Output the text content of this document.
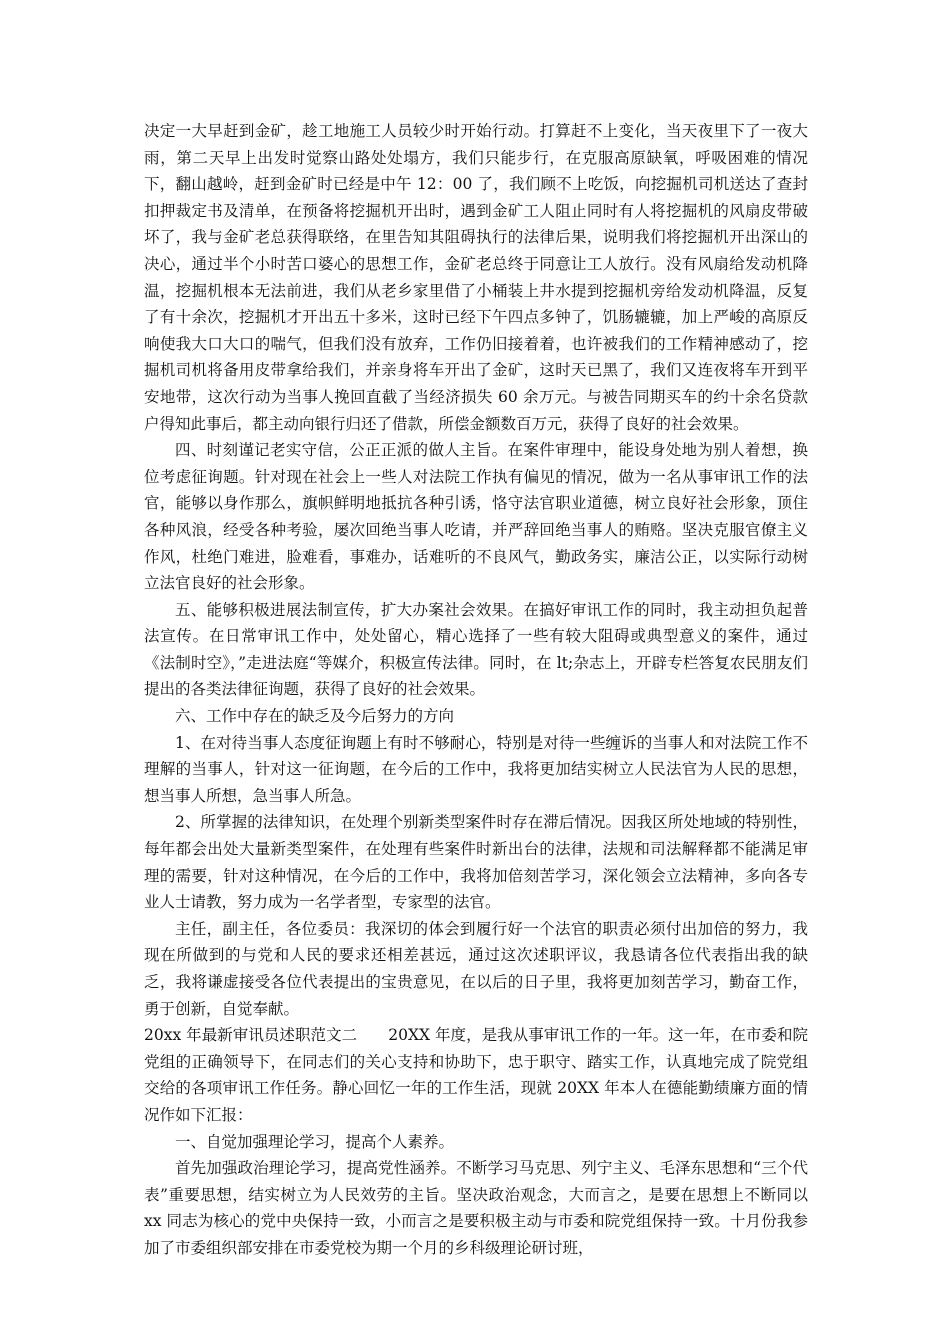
决定一大早赶到金矿，趁工地施工人员较少时开始行动。打算赶不上变化，当天夜里下了一夜大雨，第二天早上出发时觉察山路处处塌方，我们只能步行，在克服高原缺氧，呼吸困难的情况下，翻山越岭，赶到金矿时已经是中午 12：00 了，我们顾不上吃饭，向挖掘机司机送达了查封扣押裁定书及清单，在预备将挖掘机开出时，遇到金矿工人阻止同时有人将挖掘机的风扇皮带破坏了，我与金矿老总获得联络，在里告知其阻碍执行的法律后果，说明我们将挖掘机开出深山的决心，通过半个小时苦口婆心的思想工作，金矿老总终于同意让工人放行。没有风扇给发动机降温，挖掘机根本无法前进，我们从老乡家里借了小桶装上井水提到挖掘机旁给发动机降温，反复了有十余次，挖掘机才开出五十多米，这时已经下午四点多钟了，饥肠辘辘，加上严峻的高原反响使我大口大口的喘气，但我们没有放弃，工作仍旧接着着，也许被我们的工作精神感动了，挖掘机司机将备用皮带拿给我们，并亲身将车开出了金矿，这时天已黑了，我们又连夜将车开到平安地带，这次行动为当事人挽回直截了当经济损失 60 余万元。与被告同期买车的约十余名贷款户得知此事后，都主动向银行归还了借款，所偿金额数百万元，获得了良好的社会效果。

四、时刻谨记老实守信，公正正派的做人主旨。在案件审理中，能设身处地为别人着想，换位考虑征询题。针对现在社会上一些人对法院工作执有偏见的情况，做为一名从事审讯工作的法官，能够以身作那么，旗帜鲜明地抵抗各种引诱，恪守法官职业道德，树立良好社会形象，顶住各种风浪，经受各种考验，屡次回绝当事人吃请，并严辞回绝当事人的贿赂。坚决克服官僚主义作风，杜绝门难进，脸难看，事难办，话难听的不良风气，勤政务实，廉洁公正，以实际行动树立法官良好的社会形象。

五、能够积极进展法制宣传，扩大办案社会效果。在搞好审讯工作的同时，我主动担负起普法宣传。在日常审讯工作中，处处留心，精心选择了一些有较大阻碍或典型意义的案件，通过《法制时空》，”走进法庭“等媒介，积极宣传法律。同时，在 lt;杂志上，开辟专栏答复农民朋友们提出的各类法律征询题，获得了良好的社会效果。

六、工作中存在的缺乏及今后努力的方向

1、在对待当事人态度征询题上有时不够耐心，特别是对待一些缠诉的当事人和对法院工作不理解的当事人，针对这一征询题，在今后的工作中，我将更加结实树立人民法官为人民的思想，想当事人所想，急当事人所急。

2、所掌握的法律知识，在处理个别新类型案件时存在滞后情况。因我区所处地域的特别性，每年都会出处大量新类型案件，在处理有些案件时新出台的法律，法规和司法解释都不能满足审理的需要，针对这种情况，在今后的工作中，我将加倍刻苦学习，深化领会立法精神，多向各专业人士请教，努力成为一名学者型，专家型的法官。

主任，副主任，各位委员：我深切的体会到履行好一个法官的职责必须付出加倍的努力，我现在所做到的与党和人民的要求还相差甚远，通过这次述职评议，我恳请各位代表指出我的缺乏，我将谦虚接受各位代表提出的宝贵意见，在以后的日子里，我将更加刻苦学习，勤奋工作，勇于创新，自觉奉献。

20xx 年最新审讯员述职范文二　　20XX 年度，是我从事审讯工作的一年。这一年，在市委和院党组的正确领导下，在同志们的关心支持和协助下，忠于职守、踏实工作，认真地完成了院党组交给的各项审讯工作任务。静心回忆一年的工作生活，现就 20XX 年本人在德能勤绩廉方面的情况作如下汇报：

一、自觉加强理论学习，提高个人素养。

首先加强政治理论学习，提高党性涵养。不断学习马克思、列宁主义、毛泽东思想和“三个代表”重要思想，结实树立为人民效劳的主旨。坚决政治观念，大而言之，是要在思想上不断同以 xx 同志为核心的党中央保持一致，小而言之是要积极主动与市委和院党组保持一致。十月份我参加了市委组织部安排在市委党校为期一个月的乡科级理论研讨班，
